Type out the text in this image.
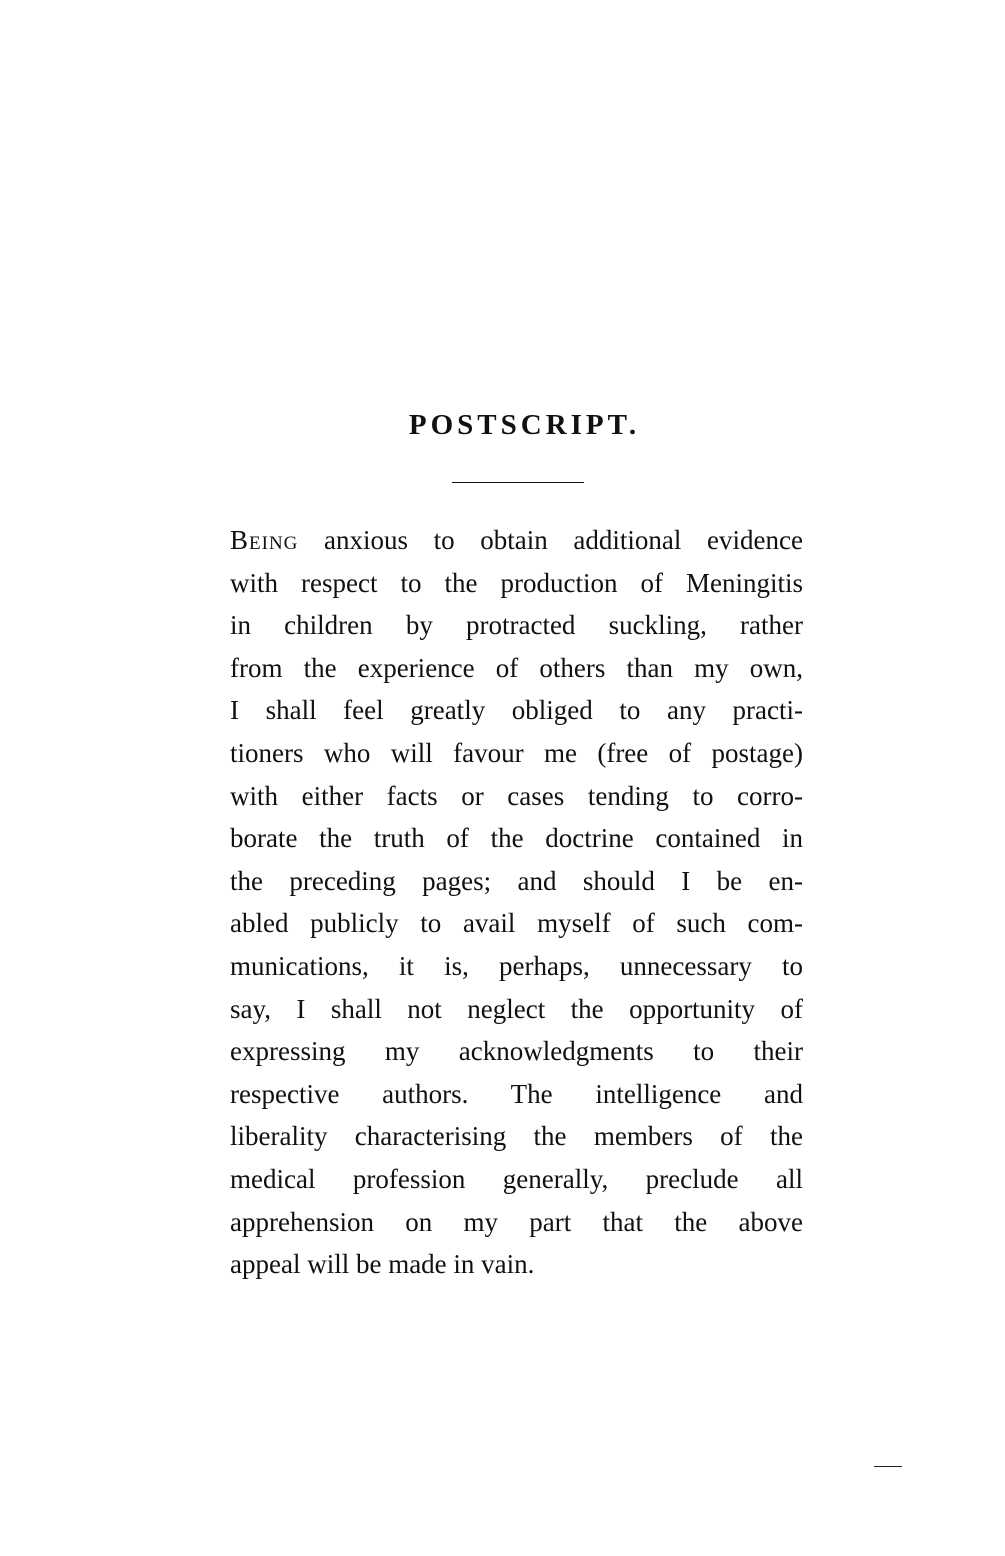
POSTSCRIPT.
Being anxious to obtain additional evidence
with respect to the production of Meningitis
in children by protracted suckling, rather
from the experience of others than my own,
I shall feel greatly obliged to any practi-
tioners who will favour me (free of postage)
with either facts or cases tending to corro-
borate the truth of the doctrine contained in
the preceding pages; and should I be en-
abled publicly to avail myself of such com-
munications, it is, perhaps, unnecessary to
say, I shall not neglect the opportunity of
expressing my acknowledgments to their
respective authors. The intelligence and
liberality characterising the members of the
medical profession generally, preclude all
apprehension on my part that the above
appeal will be made in vain.
